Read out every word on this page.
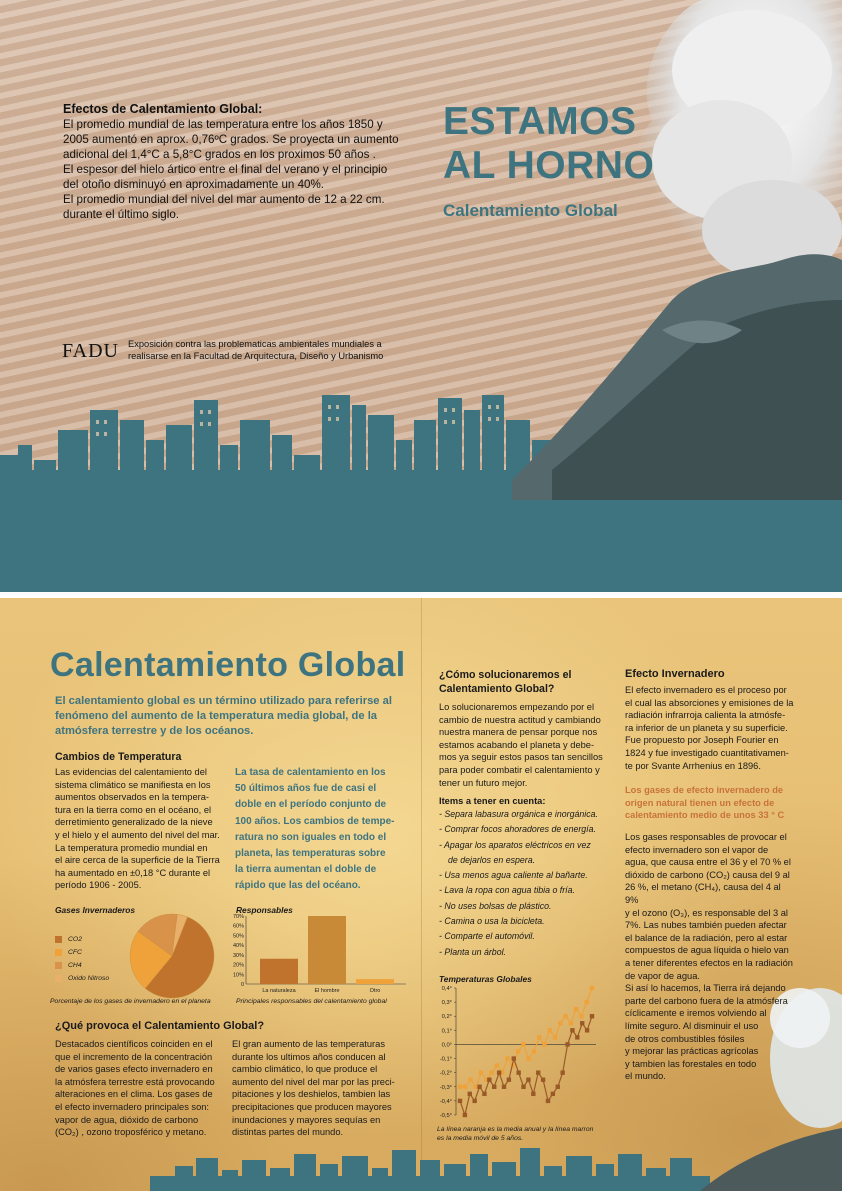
Efectos de Calentamiento Global:

El promedio mundial de las temperatura entre los años 1850 y

2005 aumentó en aprox. 0,76ºC grados. Se proyecta un aumento

adicional del 1,4°C a 5,8°C grados en los proximos 50 años .

El espesor del hielo ártico entre el final del verano y el principio

del otoño disminuyó en aproximadamente un 40%.

El promedio mundial del nivel del mar aumento de 12 a 22 cm.

durante el último siglo.

ESTAMOS
AL HORNO
Calentamiento Global
FADU Exposición contra las problematicas ambientales mundiales a
realisarse en la Facultad de Arquitectura, Diseño y Urbanismo
Calentamiento Global
El calentamiento global es un término utilizado para referirse al fenómeno del aumento de la temperatura media global, de la atmósfera terrestre y de los océanos.
Cambios de Temperatura
Las evidencias del calentamiento del
sistema climático se manifiesta en los
aumentos observados en la tempera-
tura en la tierra como en el océano, el
derretimiento generalizado de la nieve
y el hielo y el aumento del nivel del mar.
La temperatura promedio mundial en
el aire cerca de la superficie de la Tierra
ha aumentado en ±0,18 °C durante el
período 1906 - 2005.
La tasa de calentamiento en los
50 últimos años fue de casi el
doble en el período conjunto de
100 años. Los cambios de tempe-
ratura no son iguales en todo el
planeta, las temperaturas sobre
la tierra aumentan el doble de
rápido que las del océano.
Gases Invernaderos
CO2
CFC
CH4
Oxido Nitroso
Porcentaje de los gases de invernadero en el planeta
Responsables
0
10%
20%
30%
40%
50%
60%
70%
La naturaleza	El hombre	Otro
Principales responsables del calentamiento global
¿Qué provoca el Calentamiento Global?
Destacados científicos coinciden en el
que el incremento de la concentración
de varios gases efecto invernadero en
la atmósfera terrestre está provocando
alteraciones en el clima. Los gases de
el efecto invernadero principales son:
vapor de agua, dióxido de carbono
(CO₂) , ozono troposférico y metano.
El gran aumento de las temperaturas
durante los ultimos años conducen al
cambio climático, lo que produce el
aumento del nivel del mar por las preci-
pitaciones y los deshielos, tambien las
precipitaciones que producen mayores
inundaciones y mayores sequías en
distintas partes del mundo.
¿Cómo solucionaremos el
Calentamiento Global?
Lo solucionaremos empezando por el
cambio de nuestra actitud y cambiando
nuestra manera de pensar porque nos
estamos acabando el planeta y debe-
mos ya seguir estos pasos tan sencillos
para poder combatir el calentamiento y
tener un futuro mejor.
Items a tener en cuenta:
- Separa labasura orgánica e inorgánica.
- Comprar focos ahoradores de energía.
- Apagar los aparatos eléctricos en vez
de dejarlos en espera.
- Usa menos agua caliente al bañarte.
- Lava la ropa con agua tibia o fría.
- No uses bolsas de plástico.
- Camina o usa la bicicleta.
- Comparte el automóvil.
- Planta un árbol.
Temperaturas Globales
0,4°
0,3°
0,2°
0,1°
0,0°
-0,1°
-0,2°
-0,3°
-0,4°
-0,5°
La línea naranja es la media anual y la línea marron
es la media móvil de 5 años.
Efecto Invernadero
El efecto invernadero es el proceso por
el cual las absorciones y emisiones de la
radiación infrarroja calienta la atmósfe-
ra inferior de un planeta y su superficie.
Fue propuesto por Joseph Fourier en
1824 y fue investigado cuantitativamen-
te por Svante Arrhenius en 1896.
Los gases de efecto invernadero de
origen natural tienen un efecto de
calentamiento medio de unos 33 ° C
Los gases responsables de provocar el
efecto invernadero son el vapor de
agua, que causa entre el 36 y el 70 % el
dióxido de carbono (CO₂) causa del 9 al
26 %, el metano (CH₄), causa del 4 al 9%
y el ozono (O₃), es responsable del 3 al
7%. Las nubes también pueden afectar
el balance de la radiación, pero al estar
compuestos de agua líquida o hielo van
a tener diferentes efectos en la radiación
de vapor de agua.
Si así lo hacemos, la Tierra irá dejando
parte del carbono fuera de la atmósfera
cíclicamente e iremos volviendo al
límite seguro. Al disminuir el uso
de otros combustibles fósiles
y mejorar las prácticas agrícolas
y tambien las forestales en todo
el mundo.
